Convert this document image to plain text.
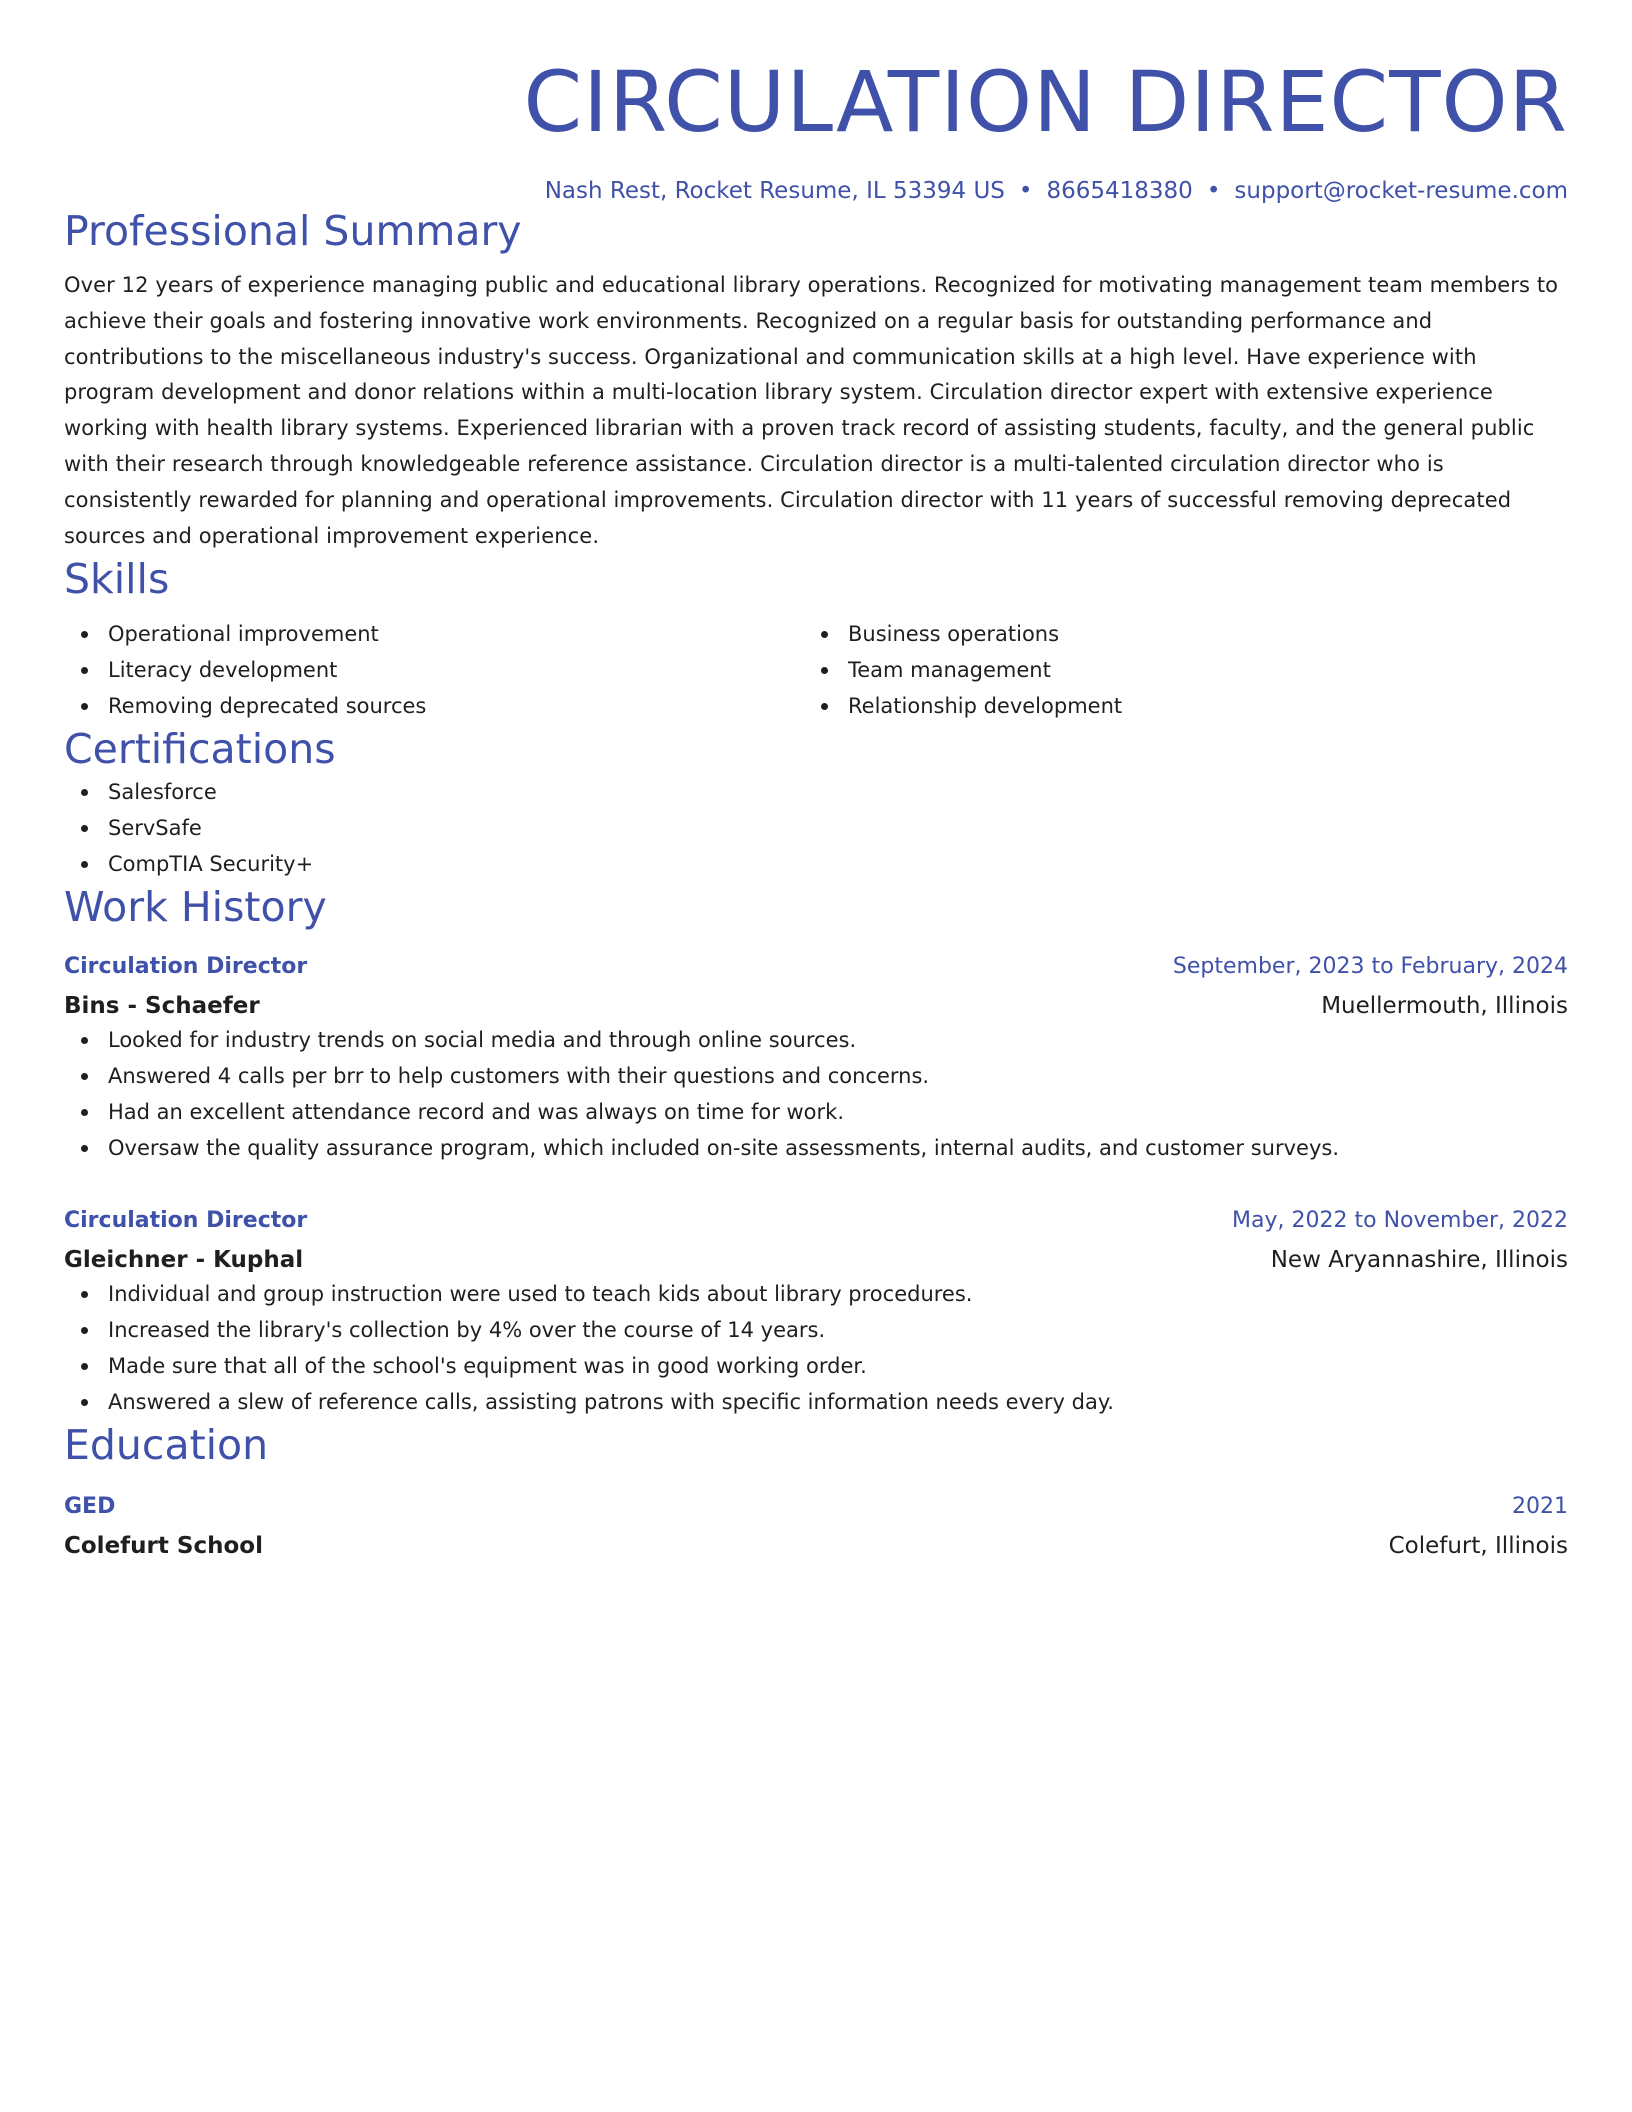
CIRCULATION DIRECTOR
Nash Rest, Rocket Resume, IL 53394 US • 8665418380 • support@rocket-resume.com
Professional Summary
Over 12 years of experience managing public and educational library operations. Recognized for motivating management team members to achieve their goals and fostering innovative work environments. Recognized on a regular basis for outstanding performance and contributions to the miscellaneous industry's success. Organizational and communication skills at a high level. Have experience with program development and donor relations within a multi-location library system. Circulation director expert with extensive experience working with health library systems. Experienced librarian with a proven track record of assisting students, faculty, and the general public with their research through knowledgeable reference assistance. Circulation director is a multi-talented circulation director who is consistently rewarded for planning and operational improvements. Circulation director with 11 years of successful removing deprecated sources and operational improvement experience.
Skills
Operational improvement
Literacy development
Removing deprecated sources
Business operations
Team management
Relationship development
Certifications
Salesforce
ServSafe
CompTIA Security+
Work History
Circulation Director	September, 2023 to February, 2024
Bins - Schaefer	Muellermouth, Illinois
Looked for industry trends on social media and through online sources.
Answered 4 calls per brr to help customers with their questions and concerns.
Had an excellent attendance record and was always on time for work.
Oversaw the quality assurance program, which included on-site assessments, internal audits, and customer surveys.
Circulation Director	May, 2022 to November, 2022
Gleichner - Kuphal	New Aryannashire, Illinois
Individual and group instruction were used to teach kids about library procedures.
Increased the library's collection by 4% over the course of 14 years.
Made sure that all of the school's equipment was in good working order.
Answered a slew of reference calls, assisting patrons with specific information needs every day.
Education
GED	2021
Colefurt School	Colefurt, Illinois
